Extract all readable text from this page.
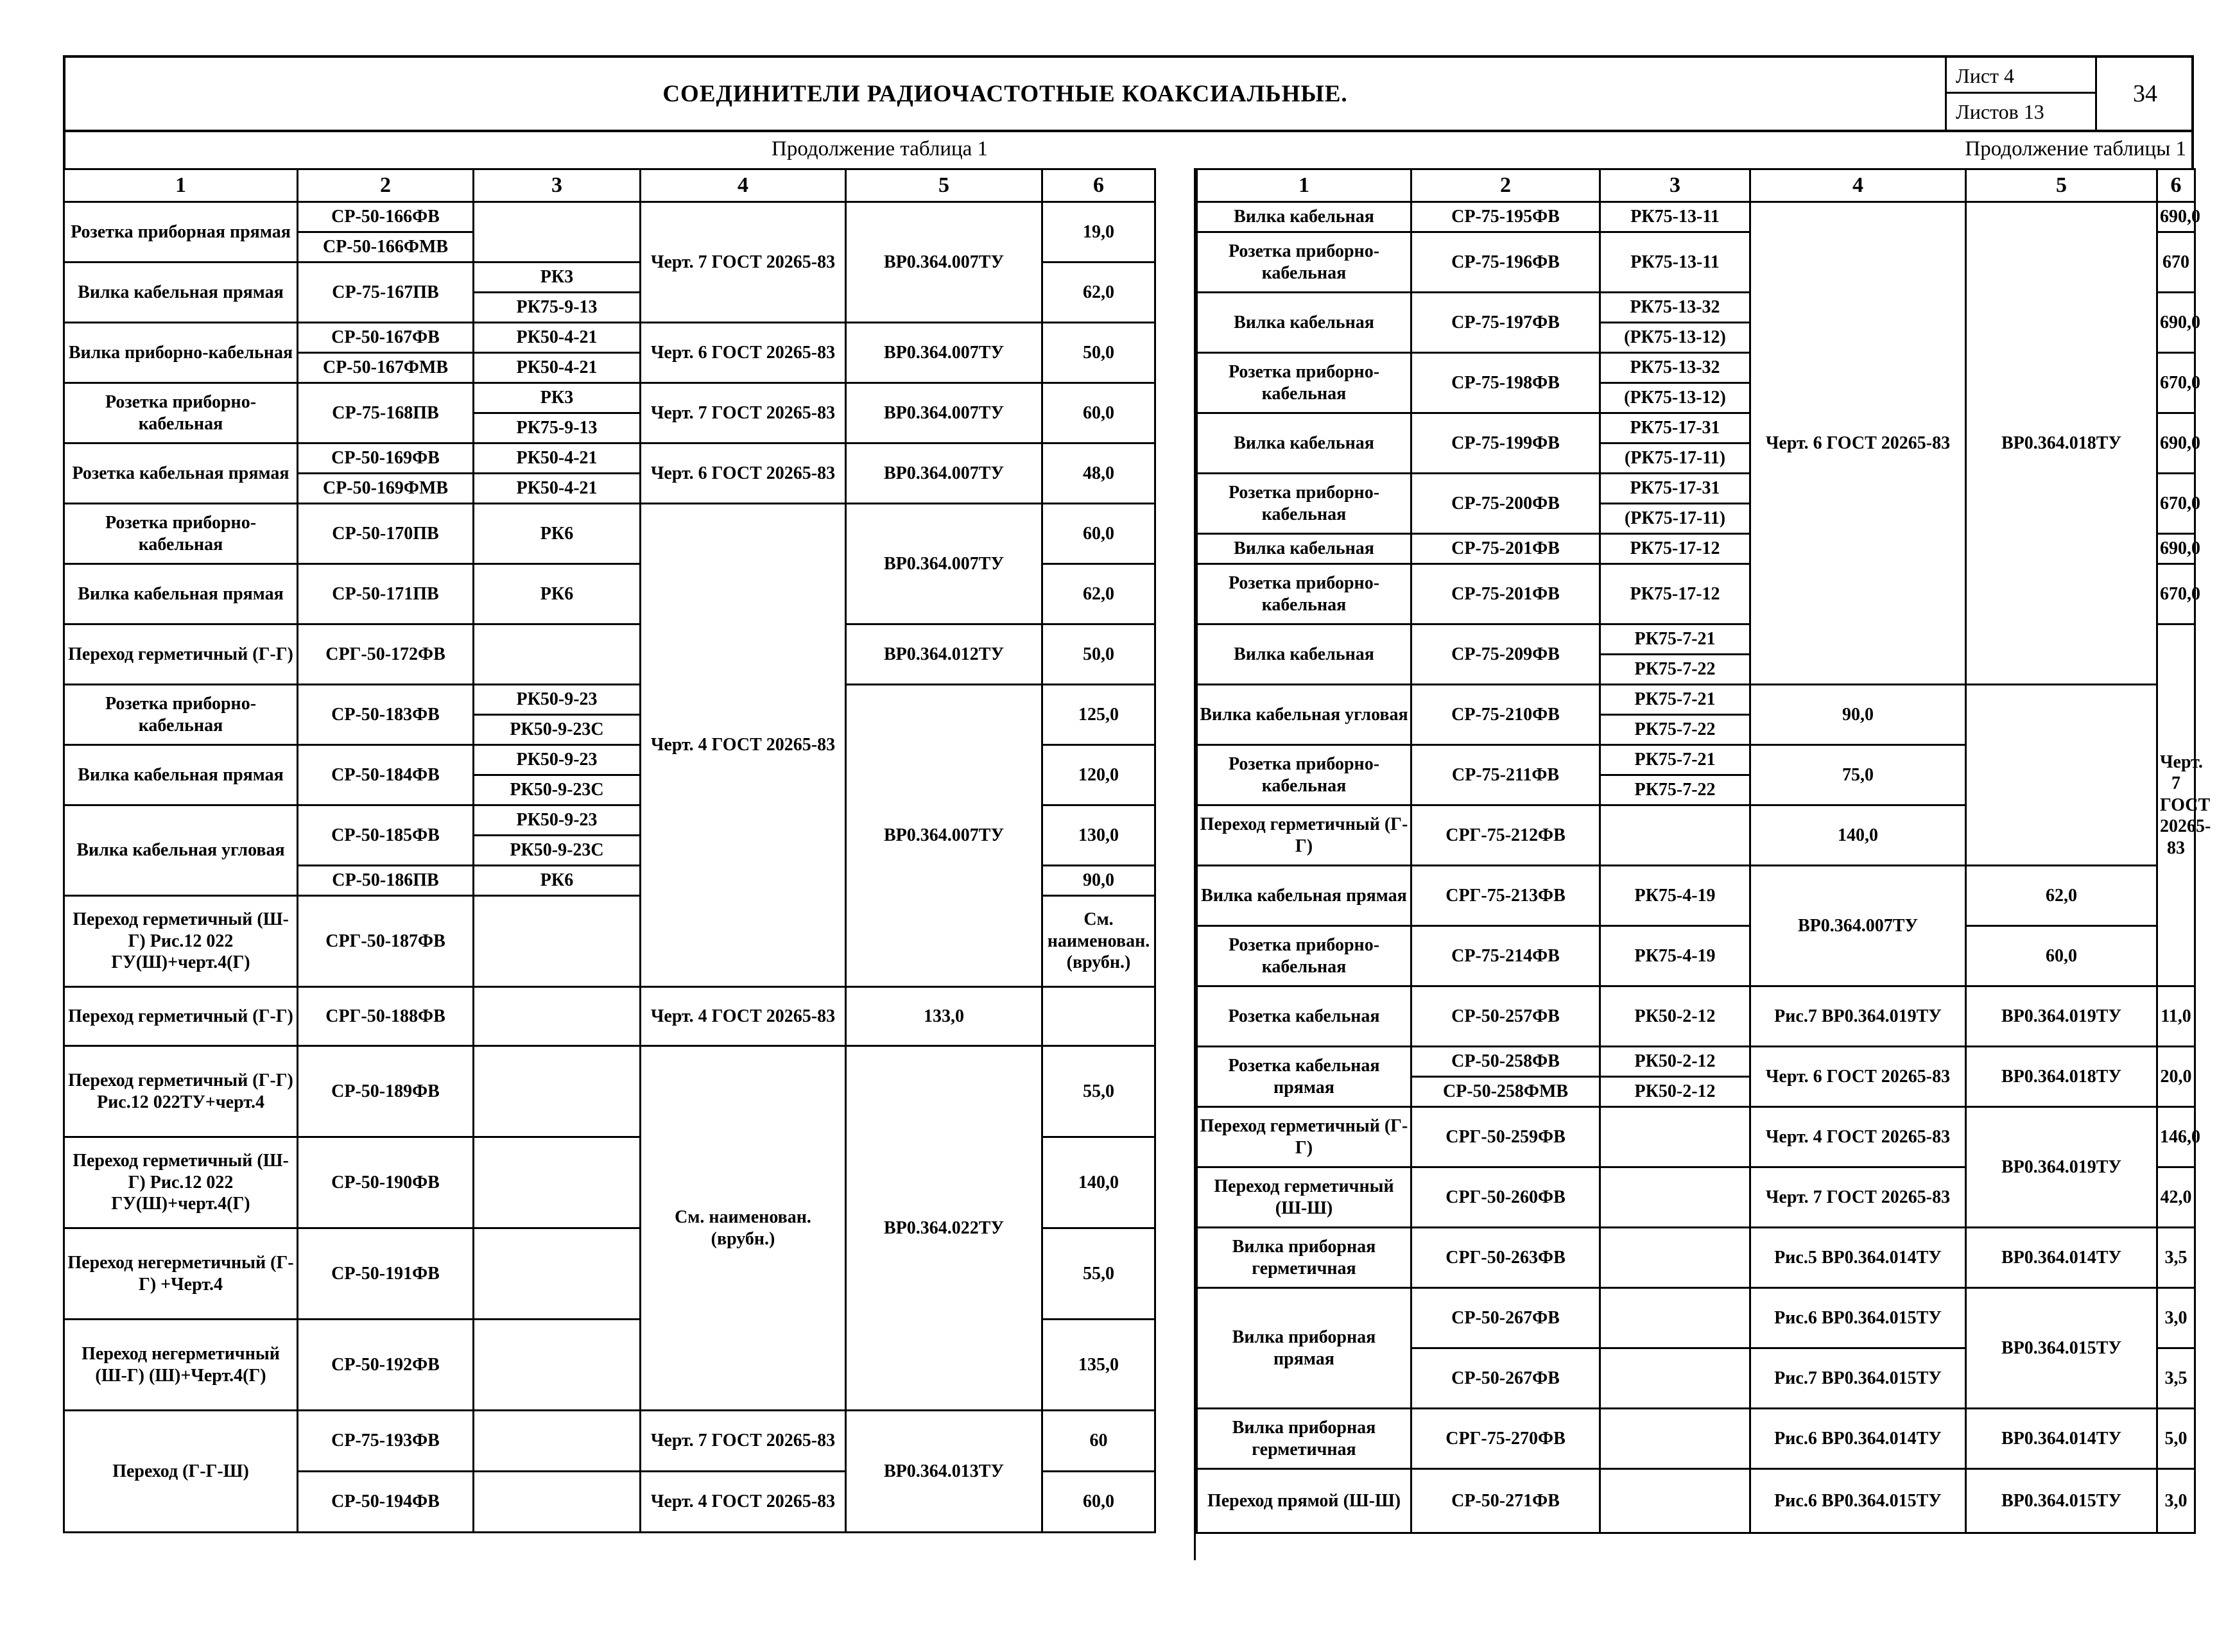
СОЕДИНИТЕЛИ РАДИОЧАСТОТНЫЕ КОАКСИАЛЬНЫЕ.
Лист 4
Листов 13
34
Продолжение таблица 1	Продолжение таблицы 1
1	2	3	4	5	6	
Розетка приборная прямая	СР-50-166ФВ		Черт. 7 ГОСТ 20265-83	ВР0.364.007ТУ	19,0	
	СР-50-166ФМВ					
Вилка кабельная прямая	СР-75-167ПВ	РК3			62,0	
		РК75-9-13				
Вилка приборно-кабельная	СР-50-167ФВ	РК50-4-21	Черт. 6 ГОСТ 20265-83	ВР0.364.007ТУ	50,0	
	СР-50-167ФМВ	РК50-4-21				
Розетка приборно-кабельная	СР-75-168ПВ	РК3	Черт. 7 ГОСТ 20265-83	ВР0.364.007ТУ	60,0	
		РК75-9-13				
Розетка кабельная прямая	СР-50-169ФВ	РК50-4-21	Черт. 6 ГОСТ 20265-83	ВР0.364.007ТУ	48,0	
	СР-50-169ФМВ	РК50-4-21				
Розетка приборно-кабельная	СР-50-170ПВ	РК6	Черт. 4 ГОСТ 20265-83	ВР0.364.007ТУ	60,0	

Вилка кабельная прямая	СР-50-171ПВ	РК6			62,0	

Переход герметичный (Г-Г)	СРГ-50-172ФВ			ВР0.364.012ТУ	50,0	

Розетка приборно-кабельная	СР-50-183ФВ	РК50-9-23		ВР0.364.007ТУ	125,0	
		РК50-9-23С				
Вилка кабельная прямая	СР-50-184ФВ	РК50-9-23			120,0	
		РК50-9-23С				
Вилка кабельная угловая	СР-50-185ФВ	РК50-9-23			130,0	
		РК50-9-23С				
	СР-50-186ПВ	РК6			90,0	
Переход герметичный (Ш-Г) Рис.12 022 ГУ(Ш)+черт.4(Г)	СРГ-50-187ФВ				См. наименован. (врубн.)		
Переход герметичный (Г-Г)	СРГ-50-188ФВ		Черт. 4 ГОСТ 20265-83	133,0		
Переход герметичный (Г-Г) Рис.12 022ТУ+черт.4	СР-50-189ФВ		См. наименован. (врубн.)	ВР0.364.022ТУ	55,0	
Переход герметичный (Ш-Г) Рис.12 022 ГУ(Ш)+черт.4(Г)	СР-50-190ФВ				140,0	
Переход негерметичный (Г-Г) +Черт.4	СР-50-191ФВ				55,0	
Переход негерметичный (Ш-Г) (Ш)+Черт.4(Г)	СР-50-192ФВ				135,0	
Переход (Г-Г-Ш)	СР-75-193ФВ		Черт. 7 ГОСТ 20265-83	ВР0.364.013ТУ	60	
	СР-50-194ФВ		Черт. 4 ГОСТ 20265-83		60,0	
1	2	3	4	5	6	
Вилка кабельная	СР-75-195ФВ	РК75-13-11	Черт. 6 ГОСТ 20265-83	ВР0.364.018ТУ	690,0	
Розетка приборно-кабельная	СР-75-196ФВ	РК75-13-11			670	
Вилка кабельная	СР-75-197ФВ	РК75-13-32			690,0	
		(РК75-13-12)				
Розетка приборно-кабельная	СР-75-198ФВ	РК75-13-32			670,0	
		(РК75-13-12)				
Вилка кабельная	СР-75-199ФВ	РК75-17-31			690,0	
		(РК75-17-11)				
Розетка приборно-кабельная	СР-75-200ФВ	РК75-17-31			670,0	
		(РК75-17-11)				
Вилка кабельная	СР-75-201ФВ	РК75-17-12			690,0	
Розетка приборно-кабельная	СР-75-201ФВ	РК75-17-12			670,0	
Вилка кабельная	СР-75-209ФВ	РК75-7-21			Черт. 7 ГОСТ 20265-83		
		РК75-7-22				
Вилка кабельная угловая	СР-75-210ФВ	РК75-7-21	90,0			
		РК75-7-22				
Розетка приборно-кабельная	СР-75-211ФВ	РК75-7-21	75,0			
		РК75-7-22				
Переход герметичный (Г-Г)	СРГ-75-212ФВ		140,0			

Вилка кабельная прямая	СРГ-75-213ФВ	РК75-4-19	ВР0.364.007ТУ	62,0		
Розетка приборно-кабельная	СР-75-214ФВ	РК75-4-19		60,0		
Розетка кабельная	СР-50-257ФВ	РК50-2-12	Рис.7 ВР0.364.019ТУ	ВР0.364.019ТУ	11,0	
Розетка кабельная прямая	СР-50-258ФВ	РК50-2-12	Черт. 6 ГОСТ 20265-83	ВР0.364.018ТУ	20,0	
	СР-50-258ФМВ	РК50-2-12				
Переход герметичный (Г-Г)	СРГ-50-259ФВ		Черт. 4 ГОСТ 20265-83	ВР0.364.019ТУ	146,0	
Переход герметичный (Ш-Ш)	СРГ-50-260ФВ		Черт. 7 ГОСТ 20265-83		42,0	
Вилка приборная герметичная	СРГ-50-263ФВ		Рис.5 ВР0.364.014ТУ	ВР0.364.014ТУ	3,5	
Вилка приборная прямая	СР-50-267ФВ		Рис.6 ВР0.364.015ТУ	ВР0.364.015ТУ	3,0	
	СР-50-267ФВ		Рис.7 ВР0.364.015ТУ		3,5	
Вилка приборная герметичная	СРГ-75-270ФВ		Рис.6 ВР0.364.014ТУ	ВР0.364.014ТУ	5,0	
Переход прямой (Ш-Ш)	СР-50-271ФВ		Рис.6 ВР0.364.015ТУ	ВР0.364.015ТУ	3,0	
